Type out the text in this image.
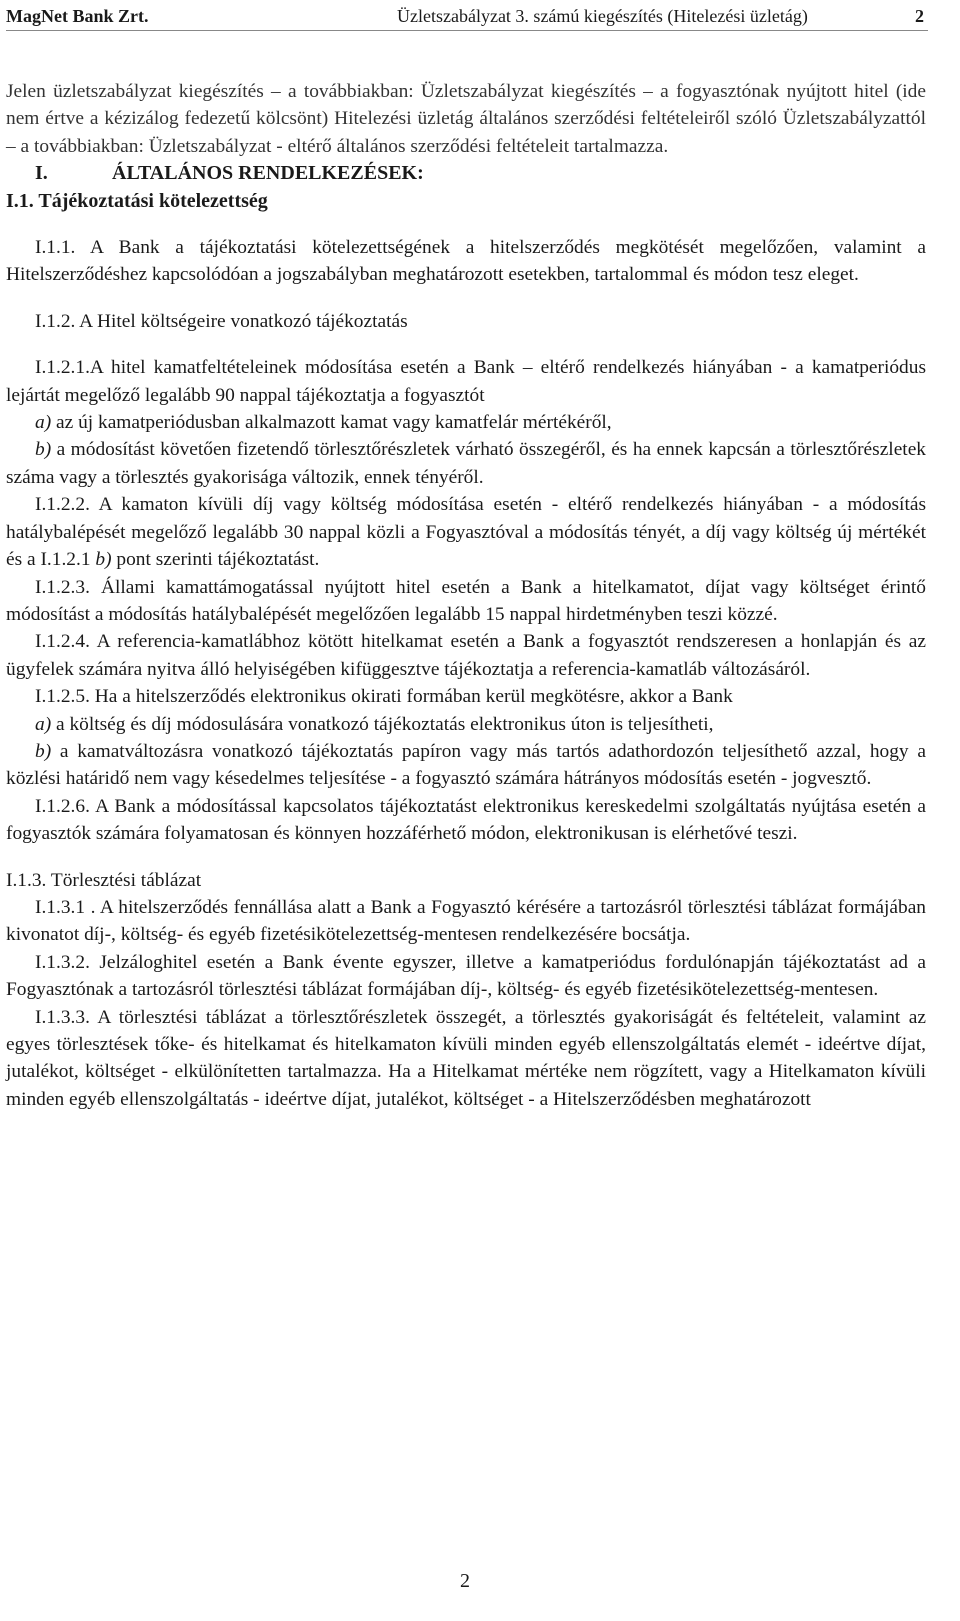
MagNet Bank Zrt.	Üzletszabályzat 3. számú kiegészítés (Hitelezési üzletág)	2

Jelen üzletszabályzat kiegészítés – a továbbiakban: Üzletszabályzat kiegészítés – a fogyasztónak nyújtott hitel (ide nem értve a kézizálog fedezetű kölcsönt) Hitelezési üzletág általános szerződési feltételeiről szóló Üzletszabályzattól – a továbbiakban: Üzletszabályzat - eltérő általános szerződési feltételeit tartalmazza.

I.	ÁLTALÁNOS RENDELKEZÉSEK:

I.1. Tájékoztatási kötelezettség

I.1.1. A Bank a tájékoztatási kötelezettségének a hitelszerződés megkötését megelőzően, valamint a Hitelszerződéshez kapcsolódóan a jogszabályban meghatározott esetekben, tartalommal és módon tesz eleget.

I.1.2. A Hitel költségeire vonatkozó tájékoztatás

I.1.2.1.A hitel kamatfeltételeinek módosítása esetén a Bank – eltérő rendelkezés hiányában - a kamatperiódus lejártát megelőző legalább 90 nappal tájékoztatja a fogyasztót

a) az új kamatperiódusban alkalmazott kamat vagy kamatfelár mértékéről,

b) a módosítást követően fizetendő törlesztőrészletek várható összegéről, és ha ennek kapcsán a törlesztőrészletek száma vagy a törlesztés gyakorisága változik, ennek tényéről.

I.1.2.2. A kamaton kívüli díj vagy költség módosítása esetén - eltérő rendelkezés hiányában - a módosítás hatálybalépését megelőző legalább 30 nappal közli a Fogyasztóval a módosítás tényét, a díj vagy költség új mértékét és a I.1.2.1 b) pont szerinti tájékoztatást.

I.1.2.3. Állami kamattámogatással nyújtott hitel esetén a Bank a hitelkamatot, díjat vagy költséget érintő módosítást a módosítás hatálybalépését megelőzően legalább 15 nappal hirdetményben teszi közzé.

I.1.2.4. A referencia-kamatlábhoz kötött hitelkamat esetén a Bank a fogyasztót rendszeresen a honlapján és az ügyfelek számára nyitva álló helyiségében kifüggesztve tájékoztatja a referencia-kamatláb változásáról.

I.1.2.5. Ha a hitelszerződés elektronikus okirati formában kerül megkötésre, akkor a Bank

a) a költség és díj módosulására vonatkozó tájékoztatás elektronikus úton is teljesítheti,

b) a kamatváltozásra vonatkozó tájékoztatás papíron vagy más tartós adathordozón teljesíthető azzal, hogy a közlési határidő nem vagy késedelmes teljesítése - a fogyasztó számára hátrányos módosítás esetén - jogvesztő.

I.1.2.6. A Bank a módosítással kapcsolatos tájékoztatást elektronikus kereskedelmi szolgáltatás nyújtása esetén a fogyasztók számára folyamatosan és könnyen hozzáférhető módon, elektronikusan is elérhetővé teszi.

I.1.3. Törlesztési táblázat

I.1.3.1 . A hitelszerződés fennállása alatt a Bank a Fogyasztó kérésére a tartozásról törlesztési táblázat formájában kivonatot díj-, költség- és egyéb fizetésikötelezettség-mentesen rendelkezésére bocsátja.

I.1.3.2. Jelzáloghitel esetén a Bank évente egyszer, illetve a kamatperiódus fordulónapján tájékoztatást ad a Fogyasztónak a tartozásról törlesztési táblázat formájában díj-, költség- és egyéb fizetésikötelezettség-mentesen.

I.1.3.3. A törlesztési táblázat a törlesztőrészletek összegét, a törlesztés gyakoriságát és feltételeit, valamint az egyes törlesztések tőke- és hitelkamat és hitelkamaton kívüli minden egyéb ellenszolgáltatás elemét - ideértve díjat, jutalékot, költséget - elkülönítetten tartalmazza. Ha a Hitelkamat mértéke nem rögzített, vagy a Hitelkamaton kívüli minden egyéb ellenszolgáltatás - ideértve díjat, jutalékot, költséget - a Hitelszerződésben meghatározott

2
